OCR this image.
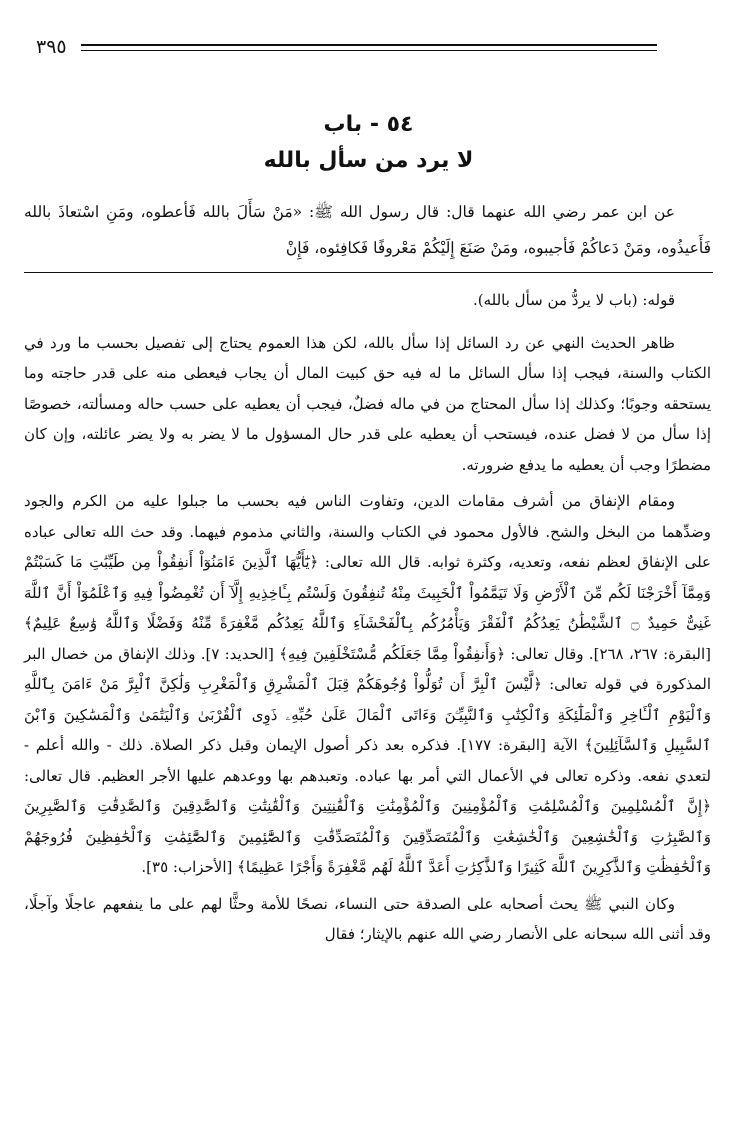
٣٩٥
٥٤ - باب
لا يرد من سأل بالله

عن ابن عمر رضي الله عنهما قال: قال رسول الله ﷺ: «مَنْ سَأَلَ بالله فَأعطوه، ومَنِ اسْتعاذَ بالله فَأَعيذُوه، ومَنْ دَعاكُمْ فَأجيبوه، ومَنْ صَنَعَ إِلَيْكُمْ مَعْروفًا فَكافِئوه، فَإِنْ

قوله: (باب لا يردُّ من سأل بالله).

ظاهر الحديث النهي عن رد السائل إذا سأل بالله، لكن هذا العموم يحتاج إلى تفصيل بحسب ما ورد في الكتاب والسنة، فيجب إذا سأل السائل ما له فيه حق كبيت المال أن يجاب فيعطى منه على قدر حاجته وما يستحقه وجوبًا؛ وكذلك إذا سأل المحتاج من في ماله فضلٌ، فيجب أن يعطيه على حسب حاله ومسألته، خصوصًا إذا سأل من لا فضل عنده، فيستحب أن يعطيه على قدر حال المسؤول ما لا يضر به ولا يضر عائلته، وإن كان مضطرًا وجب أن يعطيه ما يدفع ضرورته.

ومقام الإنفاق من أشرف مقامات الدين، وتفاوت الناس فيه بحسب ما جبلوا عليه من الكرم والجود وضدِّهما من البخل والشح. فالأول محمود في الكتاب والسنة، والثاني مذموم فيهما. وقد حث الله تعالى عباده على الإنفاق لعظم نفعه، وتعديه، وكثرة ثوابه. قال الله تعالى: ﴿يَٰٓأَيُّهَا ٱلَّذِينَ ءَامَنُوٓاْ أَنفِقُواْ مِن طَيِّبَٰتِ مَا كَسَبْتُمْ وَمِمَّآ أَخْرَجْنَا لَكُم مِّنَ ٱلْأَرْضِ وَلَا تَيَمَّمُواْ ٱلْخَبِيثَ مِنْهُ تُنفِقُونَ وَلَسْتُم بِـَٔاخِذِيهِ إِلَّآ أَن تُغْمِضُواْ فِيهِ وَٱعْلَمُوٓاْ أَنَّ ٱللَّهَ غَنِىٌّ حَمِيدٌ ۝ ٱلشَّيْطَٰنُ يَعِدُكُمُ ٱلْفَقْرَ وَيَأْمُرُكُم بِٱلْفَحْشَآءِ وَٱللَّهُ يَعِدُكُم مَّغْفِرَةً مِّنْهُ وَفَضْلًا وَٱللَّهُ وَٰسِعٌ عَلِيمٌ﴾ [البقرة: ٢٦٧، ٢٦٨]. وقال تعالى: ﴿وَأَنفِقُواْ مِمَّا جَعَلَكُم مُّسْتَخْلَفِينَ فِيهِ﴾ [الحديد: ٧]. وذلك الإنفاق من خصال البر المذكورة في قوله تعالى: ﴿لَّيْسَ ٱلْبِرَّ أَن تُوَلُّواْ وُجُوهَكُمْ قِبَلَ ٱلْمَشْرِقِ وَٱلْمَغْرِبِ وَلَٰكِنَّ ٱلْبِرَّ مَنْ ءَامَنَ بِٱللَّهِ وَٱلْيَوْمِ ٱلْـَٔاخِرِ وَٱلْمَلَٰٓئِكَةِ وَٱلْكِتَٰبِ وَٱلنَّبِيِّـۧنَ وَءَاتَى ٱلْمَالَ عَلَىٰ حُبِّهِۦ ذَوِى ٱلْقُرْبَىٰ وَٱلْيَتَٰمَىٰ وَٱلْمَسَٰكِينَ وَٱبْنَ ٱلسَّبِيلِ وَٱلسَّآئِلِينَ﴾ الآية [البقرة: ١٧٧]. فذكره بعد ذكر أصول الإيمان وقبل ذكر الصلاة. ذلك - والله أعلم - لتعدي نفعه. وذكره تعالى في الأعمال التي أمر بها عباده. وتعبدهم بها ووعدهم عليها الأجر العظيم. قال تعالى: ﴿إِنَّ ٱلْمُسْلِمِينَ وَٱلْمُسْلِمَٰتِ وَٱلْمُؤْمِنِينَ وَٱلْمُؤْمِنَٰتِ وَٱلْقَٰنِتِينَ وَٱلْقَٰنِتَٰتِ وَٱلصَّٰدِقِينَ وَٱلصَّٰدِقَٰتِ وَٱلصَّٰبِرِينَ وَٱلصَّٰبِرَٰتِ وَٱلْخَٰشِعِينَ وَٱلْخَٰشِعَٰتِ وَٱلْمُتَصَدِّقِينَ وَٱلْمُتَصَدِّقَٰتِ وَٱلصَّٰٓئِمِينَ وَٱلصَّٰٓئِمَٰتِ وَٱلْحَٰفِظِينَ فُرُوجَهُمْ وَٱلْحَٰفِظَٰتِ وَٱلذَّٰكِرِينَ ٱللَّهَ كَثِيرًا وَٱلذَّٰكِرَٰتِ أَعَدَّ ٱللَّهُ لَهُم مَّغْفِرَةً وَأَجْرًا عَظِيمًا﴾ [الأحزاب: ٣٥].

وكان النبي ﷺ يحث أصحابه على الصدقة حتى النساء، نصحًا للأمة وحثًّا لهم على ما ينفعهم عاجلًا وآجلًا، وقد أثنى الله سبحانه على الأنصار رضي الله عنهم بالإيثار؛ فقال
